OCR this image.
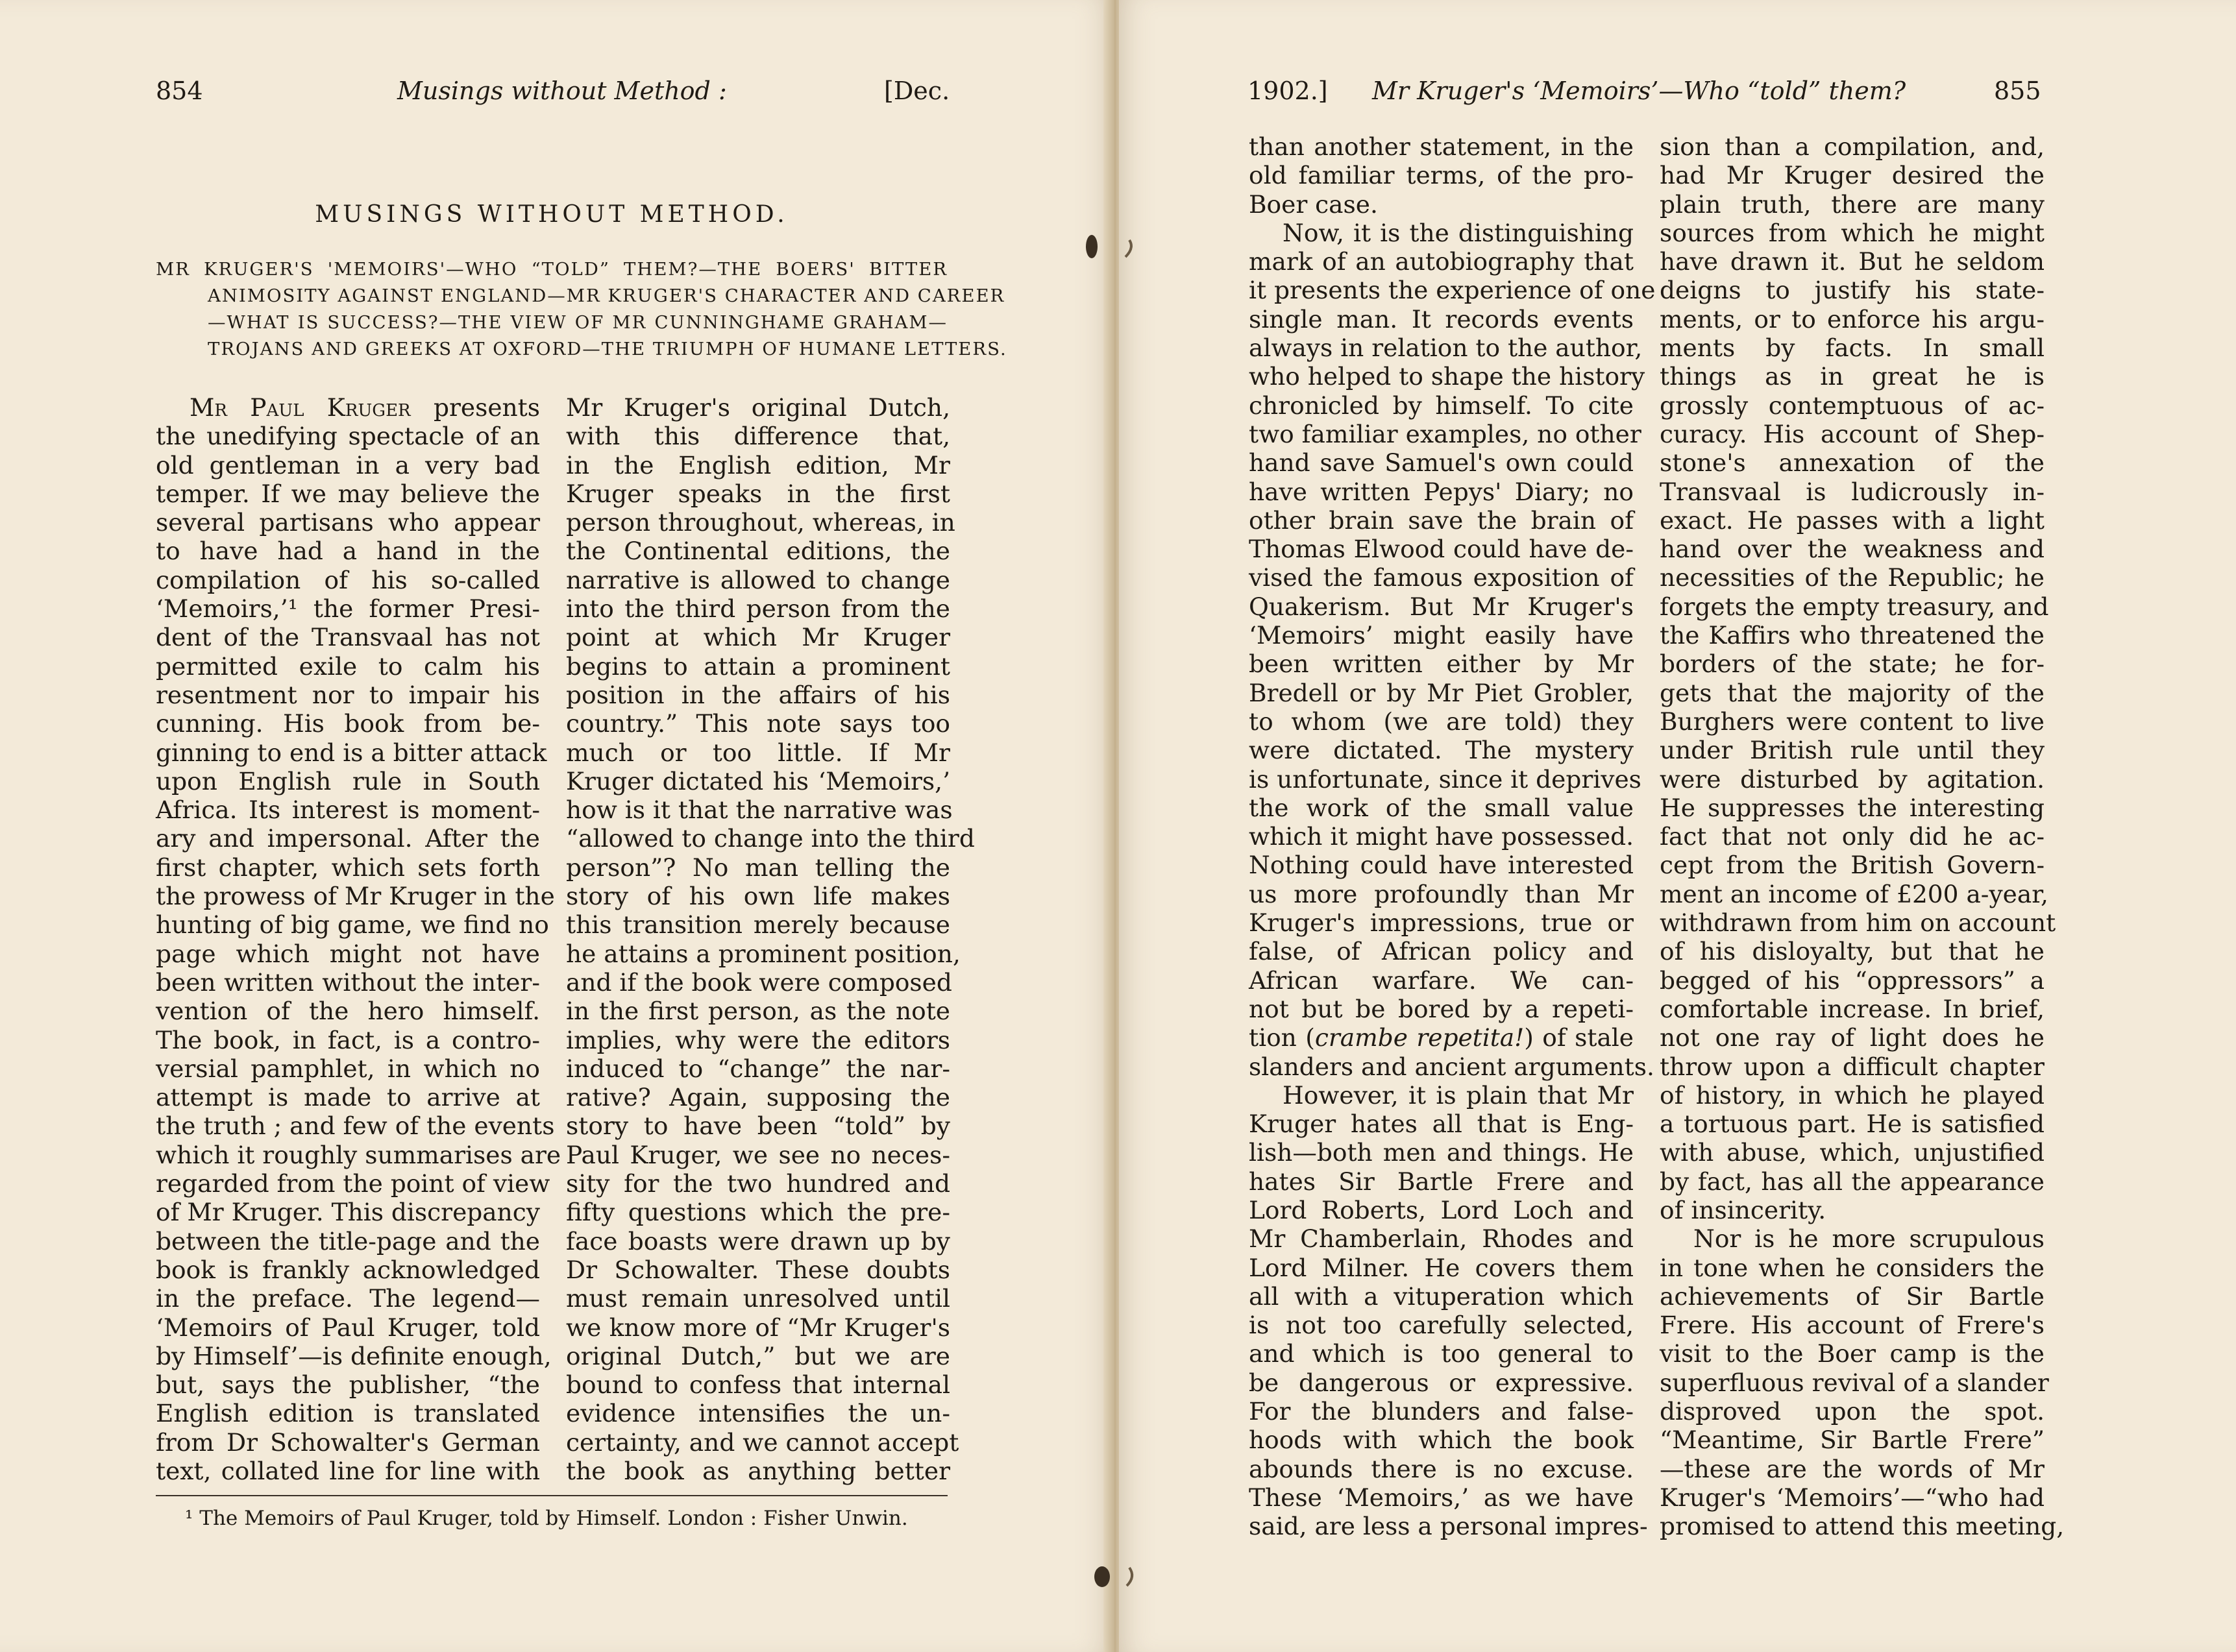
854	Musings without Method :	[Dec.
MUSINGS WITHOUT METHOD.
MR KRUGER'S 'MEMOIRS'—WHO “TOLD” THEM?—THE BOERS' BITTER
ANIMOSITY AGAINST ENGLAND—MR KRUGER'S CHARACTER AND CAREER
—WHAT IS SUCCESS?—THE VIEW OF MR CUNNINGHAME GRAHAM—
TROJANS AND GREEKS AT OXFORD—THE TRIUMPH OF HUMANE LETTERS.
Mr Paul Kruger presents
the unedifying spectacle of an
old gentleman in a very bad
temper. If we may believe the
several partisans who appear
to have had a hand in the
compilation of his so-called
‘Memoirs,’¹ the former Presi-
dent of the Transvaal has not
permitted exile to calm his
resentment nor to impair his
cunning. His book from be-
ginning to end is a bitter attack
upon English rule in South
Africa. Its interest is moment-
ary and impersonal. After the
first chapter, which sets forth
the prowess of Mr Kruger in the
hunting of big game, we find no
page which might not have
been written without the inter-
vention of the hero himself.
The book, in fact, is a contro-
versial pamphlet, in which no
attempt is made to arrive at
the truth ; and few of the events
which it roughly summarises are
regarded from the point of view
of Mr Kruger. This discrepancy
between the title-page and the
book is frankly acknowledged
in the preface. The legend—
‘Memoirs of Paul Kruger, told
by Himself’—is definite enough,
but, says the publisher, “the
English edition is translated
from Dr Schowalter's German
text, collated line for line with
Mr Kruger's original Dutch,
with this difference that,
in the English edition, Mr
Kruger speaks in the first
person throughout, whereas, in
the Continental editions, the
narrative is allowed to change
into the third person from the
point at which Mr Kruger
begins to attain a prominent
position in the affairs of his
country.” This note says too
much or too little. If Mr
Kruger dictated his ‘Memoirs,’
how is it that the narrative was
“allowed to change into the third
person”? No man telling the
story of his own life makes
this transition merely because
he attains a prominent position,
and if the book were composed
in the first person, as the note
implies, why were the editors
induced to “change” the nar-
rative? Again, supposing the
story to have been “told” by
Paul Kruger, we see no neces-
sity for the two hundred and
fifty questions which the pre-
face boasts were drawn up by
Dr Schowalter. These doubts
must remain unresolved until
we know more of “Mr Kruger's
original Dutch,” but we are
bound to confess that internal
evidence intensifies the un-
certainty, and we cannot accept
the book as anything better
¹ The Memoirs of Paul Kruger, told by Himself. London : Fisher Unwin.
1902.] Mr Kruger's ‘Memoirs’—Who “told” them?	855
than another statement, in the
old familiar terms, of the pro-
Boer case.
Now, it is the distinguishing
mark of an autobiography that
it presents the experience of one
single man. It records events
always in relation to the author,
who helped to shape the history
chronicled by himself. To cite
two familiar examples, no other
hand save Samuel's own could
have written Pepys' Diary; no
other brain save the brain of
Thomas Elwood could have de-
vised the famous exposition of
Quakerism. But Mr Kruger's
‘Memoirs’ might easily have
been written either by Mr
Bredell or by Mr Piet Grobler,
to whom (we are told) they
were dictated. The mystery
is unfortunate, since it deprives
the work of the small value
which it might have possessed.
Nothing could have interested
us more profoundly than Mr
Kruger's impressions, true or
false, of African policy and
African warfare. We can-
not but be bored by a repeti-
tion (crambe repetita!) of stale
slanders and ancient arguments.
However, it is plain that Mr
Kruger hates all that is Eng-
lish—both men and things. He
hates Sir Bartle Frere and
Lord Roberts, Lord Loch and
Mr Chamberlain, Rhodes and
Lord Milner. He covers them
all with a vituperation which
is not too carefully selected,
and which is too general to
be dangerous or expressive.
For the blunders and false-
hoods with which the book
abounds there is no excuse.
These ‘Memoirs,’ as we have
said, are less a personal impres-
sion than a compilation, and,
had Mr Kruger desired the
plain truth, there are many
sources from which he might
have drawn it. But he seldom
deigns to justify his state-
ments, or to enforce his argu-
ments by facts. In small
things as in great he is
grossly contemptuous of ac-
curacy. His account of Shep-
stone's annexation of the
Transvaal is ludicrously in-
exact. He passes with a light
hand over the weakness and
necessities of the Republic; he
forgets the empty treasury, and
the Kaffirs who threatened the
borders of the state; he for-
gets that the majority of the
Burghers were content to live
under British rule until they
were disturbed by agitation.
He suppresses the interesting
fact that not only did he ac-
cept from the British Govern-
ment an income of £200 a-year,
withdrawn from him on account
of his disloyalty, but that he
begged of his “oppressors” a
comfortable increase. In brief,
not one ray of light does he
throw upon a difficult chapter
of history, in which he played
a tortuous part. He is satisfied
with abuse, which, unjustified
by fact, has all the appearance
of insincerity.
Nor is he more scrupulous
in tone when he considers the
achievements of Sir Bartle
Frere. His account of Frere's
visit to the Boer camp is the
superfluous revival of a slander
disproved upon the spot.
“Meantime, Sir Bartle Frere”
—these are the words of Mr
Kruger's ‘Memoirs’—“who had
promised to attend this meeting,
